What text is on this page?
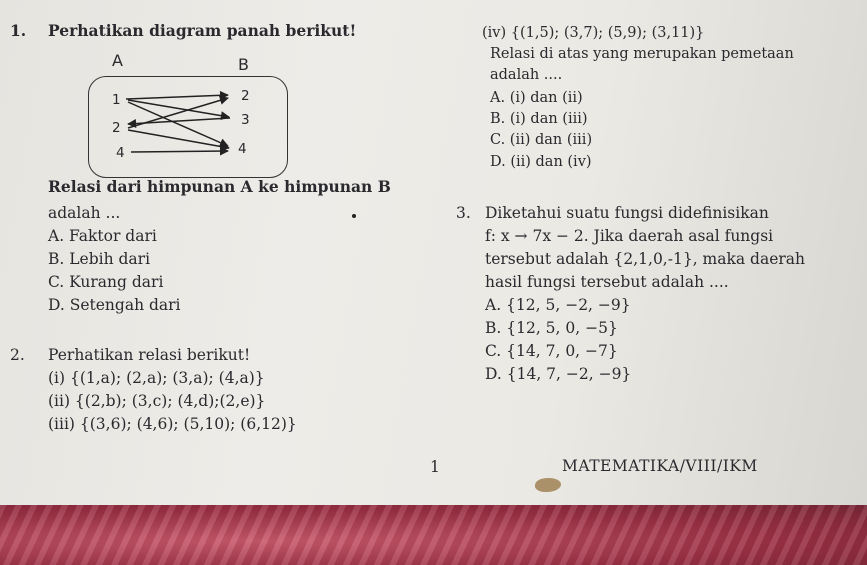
1. Perhatikan diagram panah berikut!
A	B
1
2
4
2
3
4
Relasi dari himpunan A ke himpunan B
adalah ...
A. Faktor dari
B. Lebih dari
C. Kurang dari
D. Setengah dari
2. Perhatikan relasi berikut!
(i) {(1,a); (2,a); (3,a); (4,a)}
(ii) {(2,b); (3,c); (4,d);(2,e)}
(iii) {(3,6); (4,6); (5,10); (6,12)}
(iv) {(1,5); (3,7); (5,9); (3,11)}
Relasi di atas yang merupakan pemetaan
adalah ....
A. (i) dan (ii)
B. (i) dan (iii)
C. (ii) dan (iii)
D. (ii) dan (iv)
3. Diketahui suatu fungsi didefinisikan
f: x → 7x − 2. Jika daerah asal fungsi
tersebut adalah {2,1,0,-1}, maka daerah
hasil fungsi tersebut adalah ....
A. {12, 5, −2, −9}
B. {12, 5, 0, −5}
C. {14, 7, 0, −7}
D. {14, 7, −2, −9}
1	MATEMATIKA/VIII/IKM
